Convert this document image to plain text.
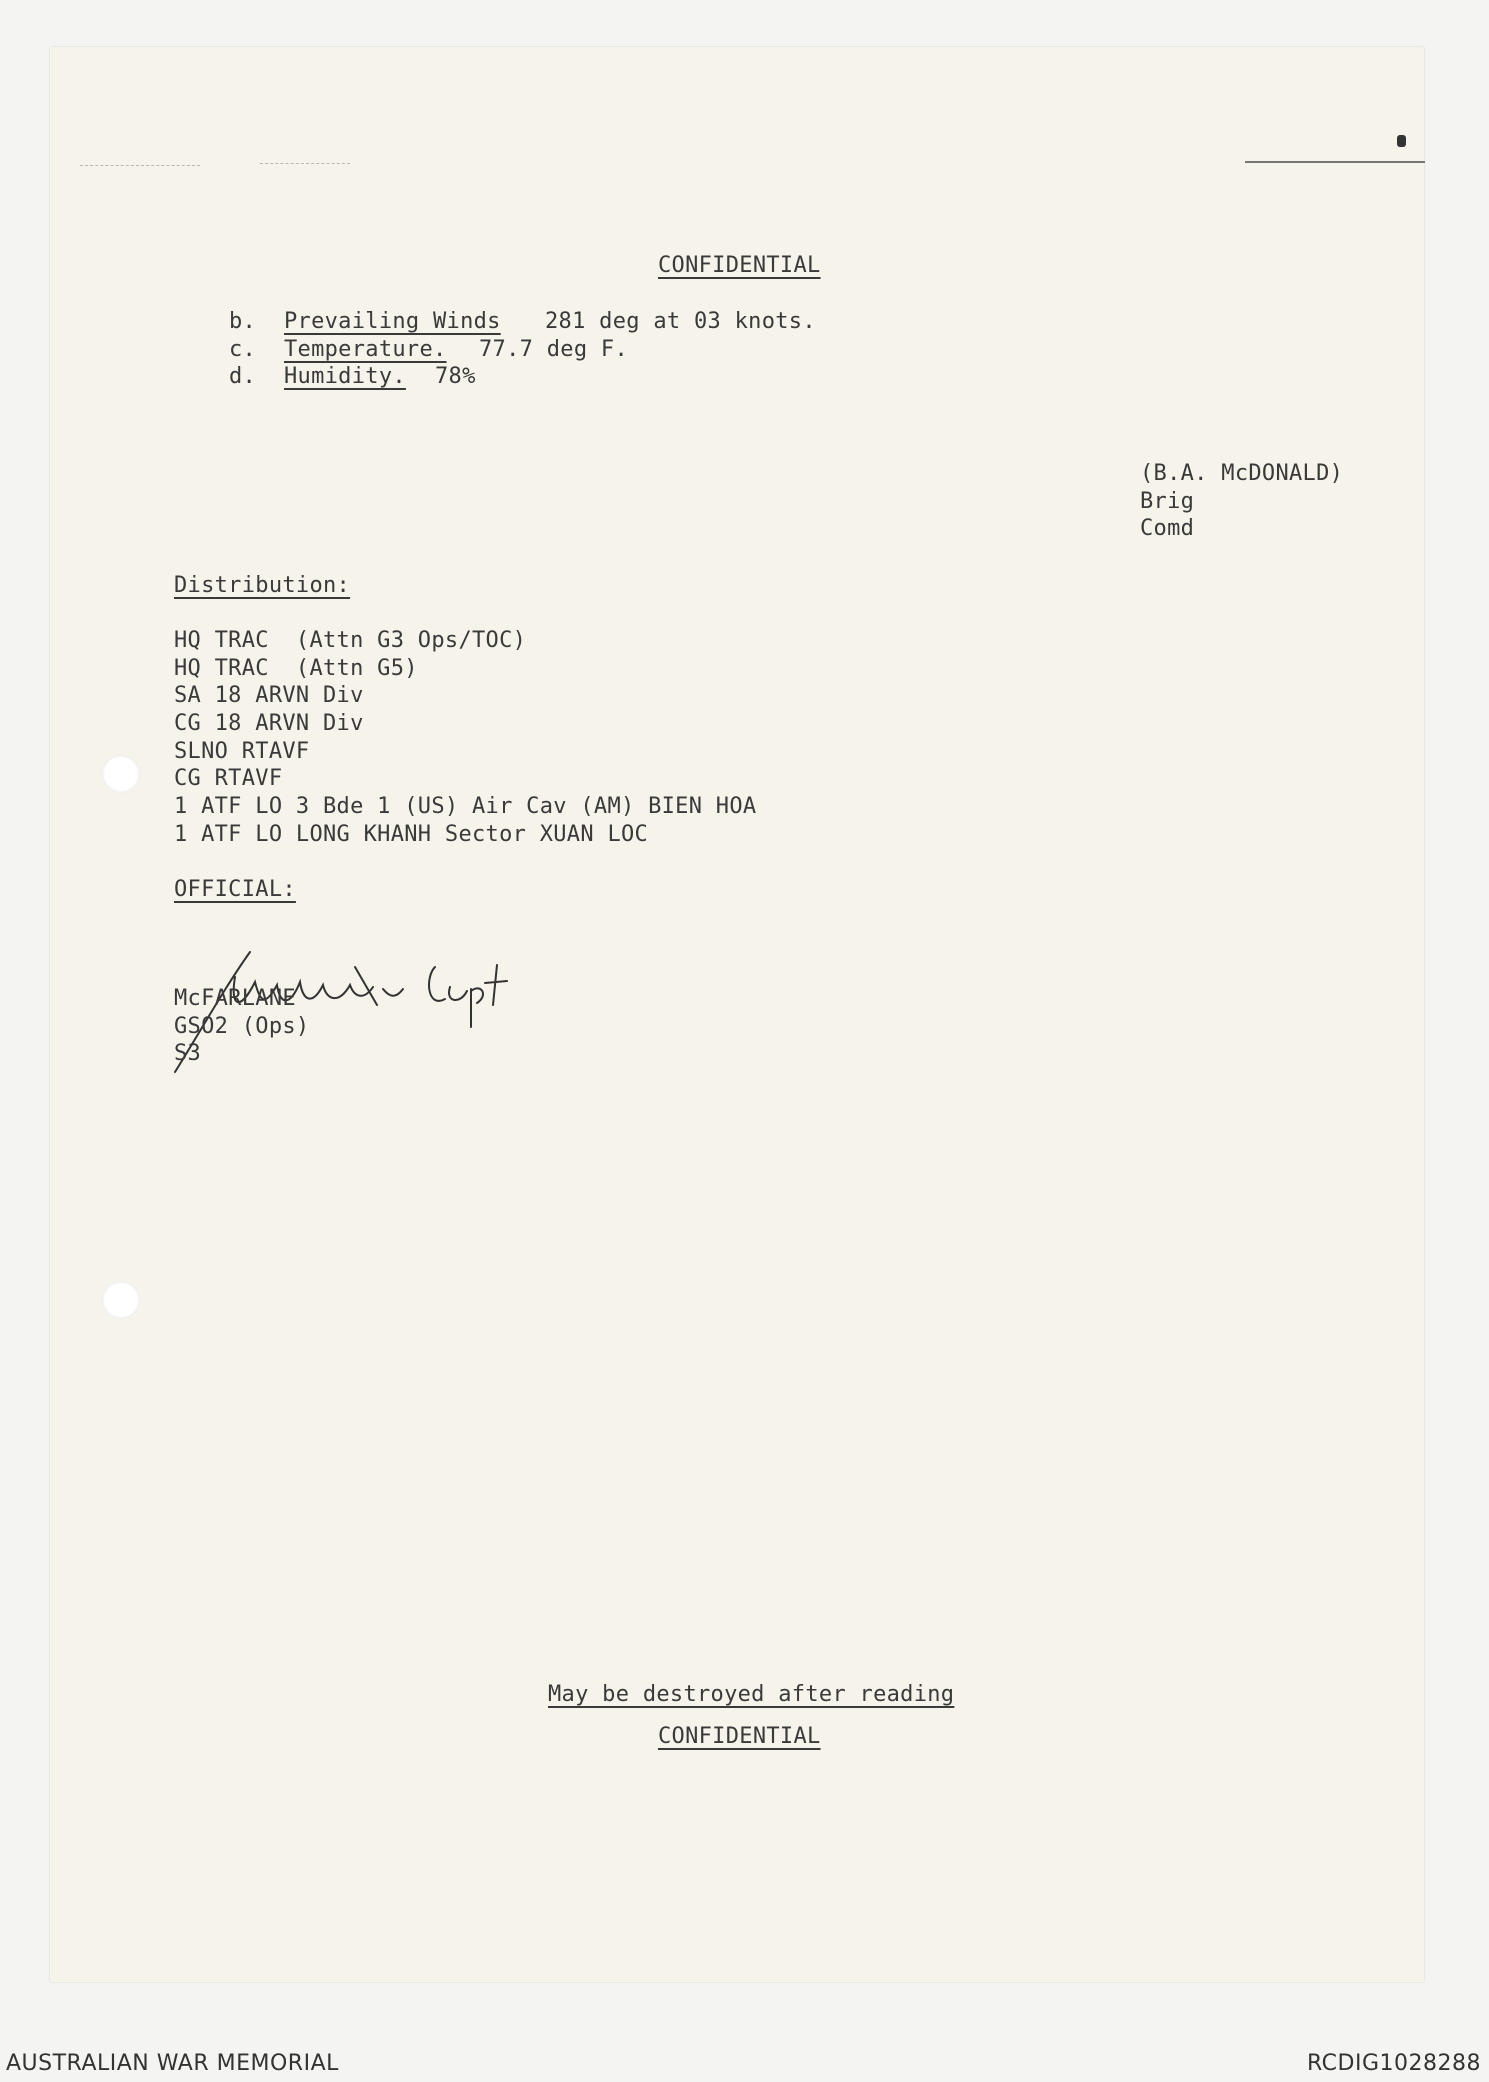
CONFIDENTIAL
b. Prevailing Winds 281 deg at 03 knots.
c. Temperature. 77.7 deg F.
d. Humidity. 78%
(B.A. McDONALD)
Brig
Comd
Distribution:
HQ TRAC  (Attn G3 Ops/TOC)
HQ TRAC  (Attn G5)
SA 18 ARVN Div
CG 18 ARVN Div
SLNO RTAVF
CG RTAVF
1 ATF LO 3 Bde 1 (US) Air Cav (AM) BIEN HOA
1 ATF LO LONG KHANH Sector XUAN LOC
OFFICIAL:
McFARLANE
GSO2 (Ops)
S3
May be destroyed after reading
CONFIDENTIAL
AUSTRALIAN WAR MEMORIAL	RCDIG1028288
